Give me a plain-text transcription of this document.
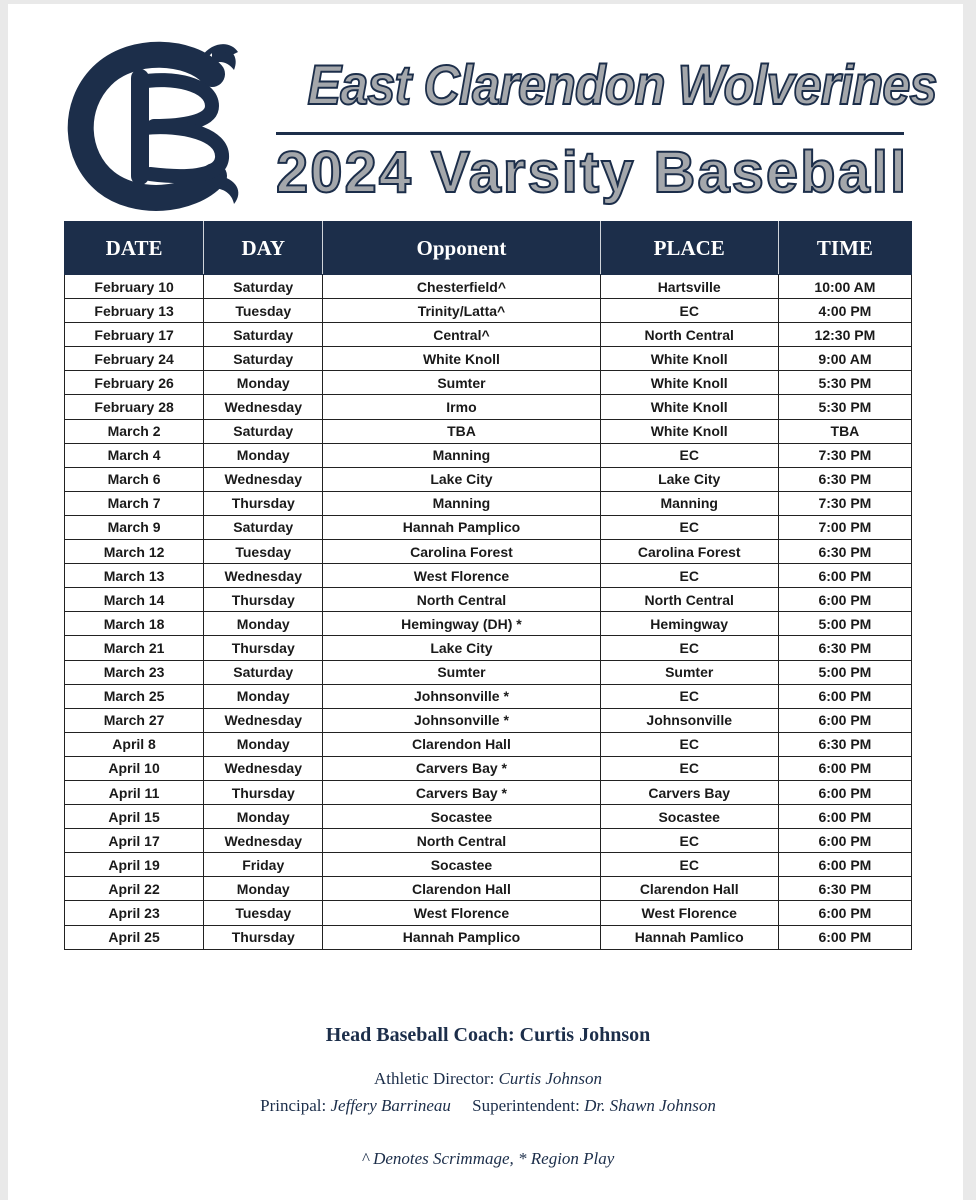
East Clarendon Wolverines
2024 Varsity Baseball
DATE	DAY	Opponent	PLACE	TIME
February 10	Saturday	Chesterfield^	Hartsville	10:00 AM
February 13	Tuesday	Trinity/Latta^	EC	4:00 PM
February 17	Saturday	Central^	North Central	12:30 PM
February 24	Saturday	White Knoll	White Knoll	9:00 AM
February 26	Monday	Sumter	White Knoll	5:30 PM
February 28	Wednesday	Irmo	White Knoll	5:30 PM
March 2	Saturday	TBA	White Knoll	TBA
March 4	Monday	Manning	EC	7:30 PM
March 6	Wednesday	Lake City	Lake City	6:30 PM
March 7	Thursday	Manning	Manning	7:30 PM
March 9	Saturday	Hannah Pamplico	EC	7:00 PM
March 12	Tuesday	Carolina Forest	Carolina Forest	6:30 PM
March 13	Wednesday	West Florence	EC	6:00 PM
March 14	Thursday	North Central	North Central	6:00 PM
March 18	Monday	Hemingway (DH) *	Hemingway	5:00 PM
March 21	Thursday	Lake City	EC	6:30 PM
March 23	Saturday	Sumter	Sumter	5:00 PM
March 25	Monday	Johnsonville *	EC	6:00 PM
March 27	Wednesday	Johnsonville *	Johnsonville	6:00 PM
April 8	Monday	Clarendon Hall	EC	6:30 PM
April 10	Wednesday	Carvers Bay *	EC	6:00 PM
April 11	Thursday	Carvers Bay *	Carvers Bay	6:00 PM
April 15	Monday	Socastee	Socastee	6:00 PM
April 17	Wednesday	North Central	EC	6:00 PM
April 19	Friday	Socastee	EC	6:00 PM
April 22	Monday	Clarendon Hall	Clarendon Hall	6:30 PM
April 23	Tuesday	West Florence	West Florence	6:00 PM
April 25	Thursday	Hannah Pamplico	Hannah Pamlico	6:00 PM
Head Baseball Coach: Curtis Johnson
Athletic Director: Curtis Johnson
Principal: Jeffery Barrineau Superintendent: Dr. Shawn Johnson
^ Denotes Scrimmage, * Region Play
